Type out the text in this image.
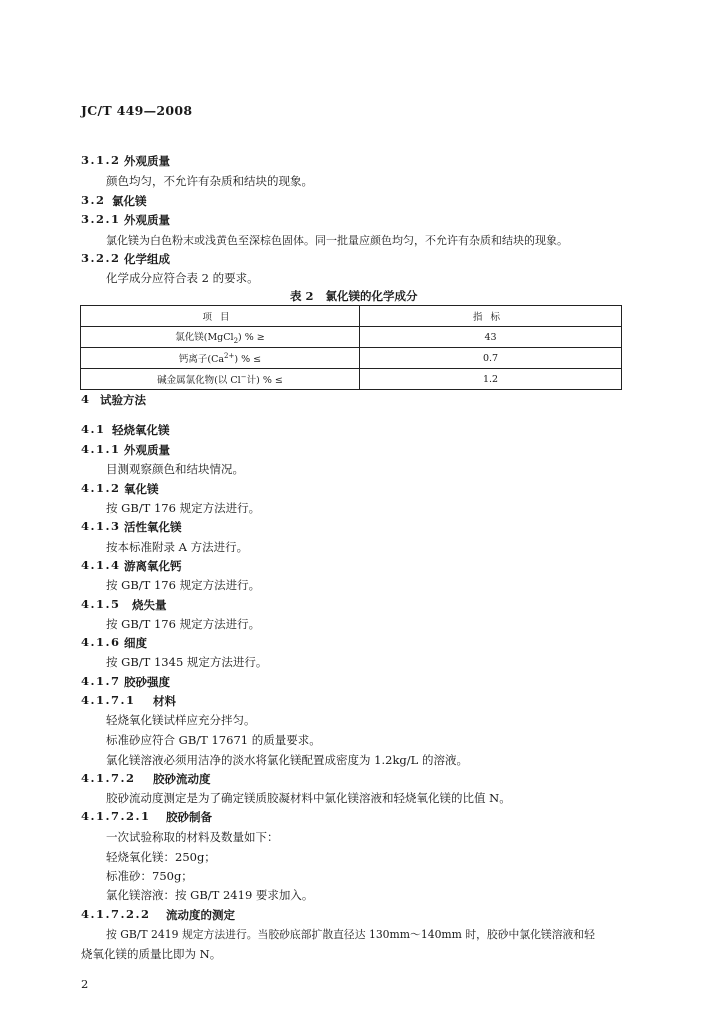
JC/T 449—2008
3.1.2 外观质量
颜色均匀，不允许有杂质和结块的现象。
3.2 氯化镁
3.2.1 外观质量
氯化镁为白色粉末或浅黄色至深棕色固体。同一批量应颜色均匀，不允许有杂质和结块的现象。
3.2.2 化学组成
化学成分应符合表 2 的要求。
表 2   氯化镁的化学成分
项目	指标
氯化镁(MgCl$_2$) % ≥	43
钙离子$(Ca^{2+})$ % ≤	0.7
碱金属氯化物(以 Cl−计) % ≤	1.2
4 试验方法
4.1 轻烧氧化镁
4.1.1 外观质量
目测观察颜色和结块情况。
4.1.2 氧化镁
按 GB/T 176 规定方法进行。
4.1.3 活性氧化镁
按本标准附录 A 方法进行。
4.1.4 游离氧化钙
按 GB/T 176 规定方法进行。
4.1.5 烧失量
按 GB/T 176 规定方法进行。
4.1.6 细度
按 GB/T 1345 规定方法进行。
4.1.7 胶砂强度
4.1.7.1 材料
轻烧氧化镁试样应充分拌匀。
标准砂应符合 GB/T 17671 的质量要求。
氯化镁溶液必须用洁净的淡水将氯化镁配置成密度为 1.2kg/L 的溶液。
4.1.7.2 胶砂流动度
胶砂流动度测定是为了确定镁质胶凝材料中氯化镁溶液和轻烧氧化镁的比值 N。
4.1.7.2.1 胶砂制备
一次试验称取的材料及数量如下：
轻烧氧化镁：250g；
标准砂：750g；
氯化镁溶液：按 GB/T 2419 要求加入。
4.1.7.2.2 流动度的测定
按 GB/T 2419 规定方法进行。当胶砂底部扩散直径达 130mm～140mm 时，胶砂中氯化镁溶液和轻
烧氧化镁的质量比即为 N。
2
